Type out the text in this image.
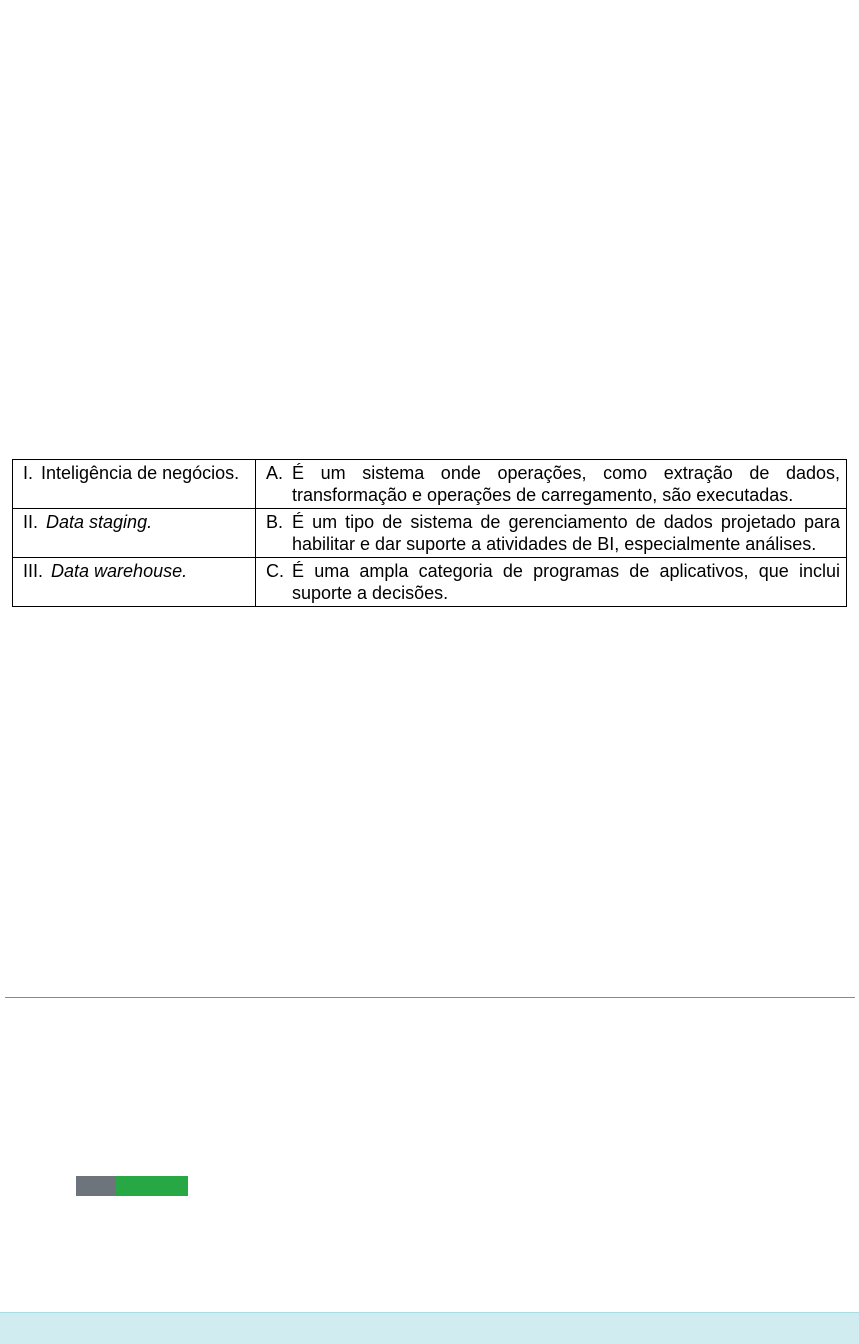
I. Inteligência de negócios.	A. É um sistema onde operações, como extração de dados, transformação e operações de carregamento, são executadas.

II. Data staging.	B. É um tipo de sistema de gerenciamento de dados projetado para habilitar e dar suporte a atividades de BI, especialmente análises.

III. Data warehouse.	C. É uma ampla categoria de programas de aplicativos, que inclui suporte a decisões.
